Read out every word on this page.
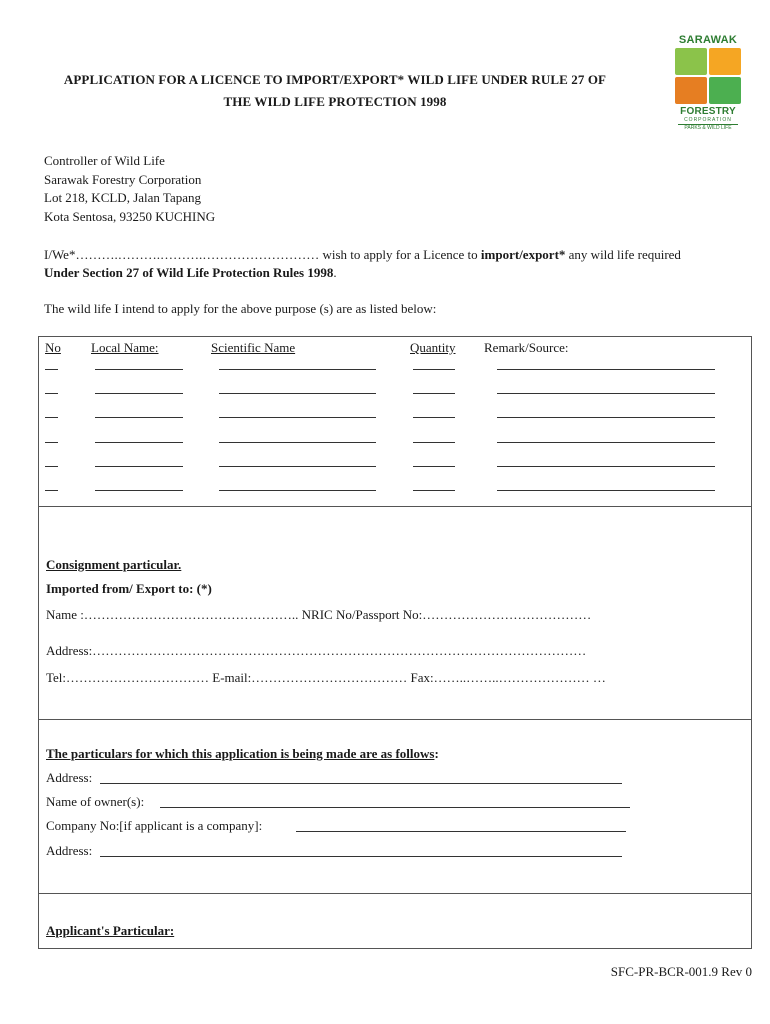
APPLICATION FOR A LICENCE TO IMPORT/EXPORT* WILD LIFE UNDER RULE 27 OF
THE WILD LIFE PROTECTION 1998
SARAWAK
FORESTRY
CORPORATION
PARKS & WILD LIFE
Controller of Wild Life
Sarawak Forestry Corporation
Lot 218, KCLD, Jalan Tapang
Kota Sentosa, 93250 KUCHING
I/We*……….……….……….……………………… wish to apply for a Licence to import/export* any wild life required
Under Section 27 of Wild Life Protection Rules 1998.
The wild life I intend to apply for the above purpose (s) are as listed below:
No Local Name:	Scientific Name	Quantity Remark/Source:
Consignment particular.
Imported from/ Export to: (*)
Name :………………………………………….. NRIC No/Passport No:…………………………………
Address:……………………………………………………………………………………………………
Tel:…………………………… E-mail:……………………………… Fax:……..……..………………… …
The particulars for which this application is being made are as follows:
Address:
Name of owner(s):
Company No:[if applicant is a company]:
Address:
Applicant's Particular:
SFC-PR-BCR-001.9 Rev 0
